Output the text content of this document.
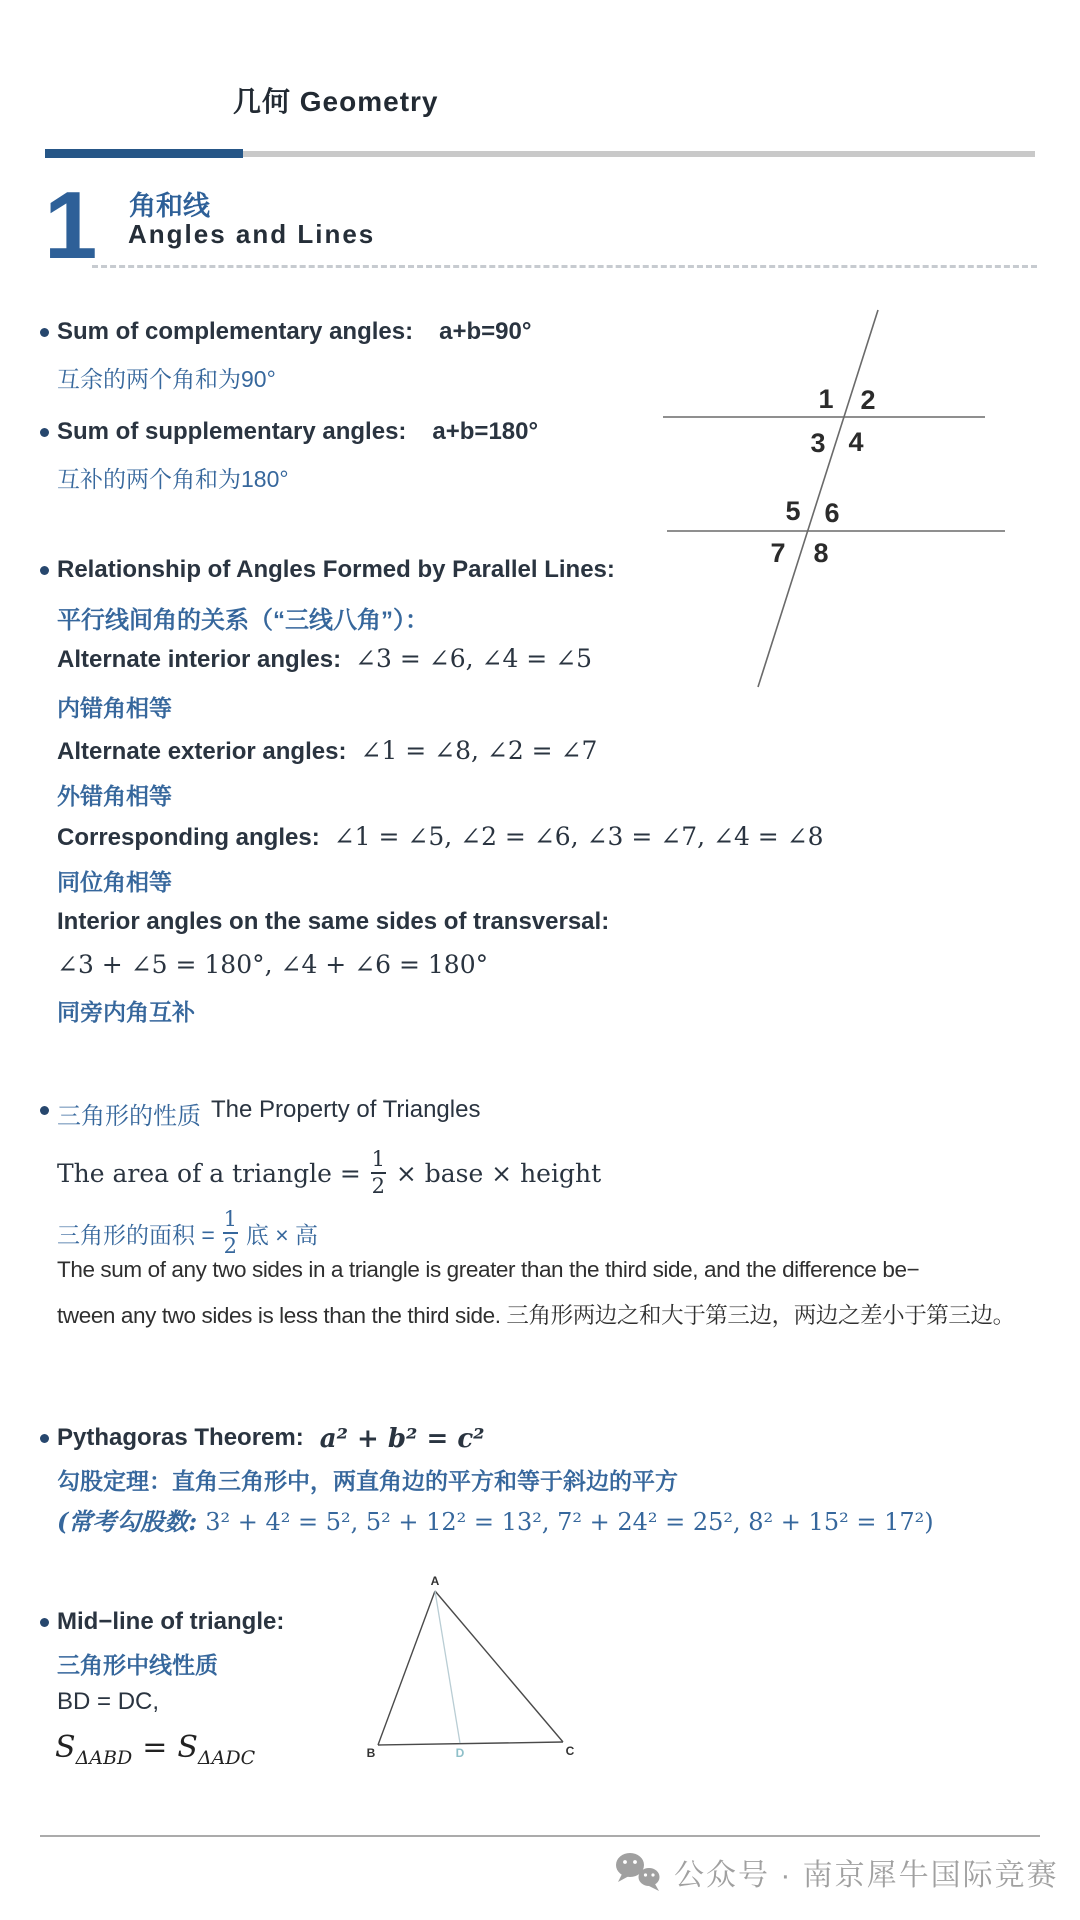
几何 Geometry
1 角和线
Angles and Lines
Sum of complementary angles: a+b=90°
互余的两个角和为90°
Sum of supplementary angles: a+b=180°
互补的两个角和为180°
1 2
3 4
5 6
7 8
Relationship of Angles Formed by Parallel Lines:
平行线间角的关系（“三线八角”）：
Alternate interior angles: ∠3 = ∠6, ∠4 = ∠5
内错角相等
Alternate exterior angles: ∠1 = ∠8, ∠2 = ∠7
外错角相等
Corresponding angles: ∠1 = ∠5, ∠2 = ∠6, ∠3 = ∠7, ∠4 = ∠8
同位角相等
Interior angles on the same sides of transversal:
∠3 + ∠5 = 180°, ∠4 + ∠6 = 180°
同旁内角互补
三角形的性质 The Property of Triangles
The area of a triangle = $\frac{1}{2}$ × base × height
三角形的面积 = $\frac{1}{2}$ 底 × 高
The sum of any two sides in a triangle is greater than the third side, and the difference be−
tween any two sides is less than the third side. 三角形两边之和大于第三边，两边之差小于第三边。
Pythagoras Theorem: a² + b² = c²
勾股定理：直角三角形中，两直角边的平方和等于斜边的平方
(常考勾股数: 3² + 4² = 5², 5² + 12² = 13², 7² + 24² = 25², 8² + 15² = 17²)
Mid−line of triangle:
三角形中线性质
BD = DC,
$S_{\Delta ABD} = S_{\Delta ADC}$
A
B	C
D
公众号 · 南京犀牛国际竞赛
